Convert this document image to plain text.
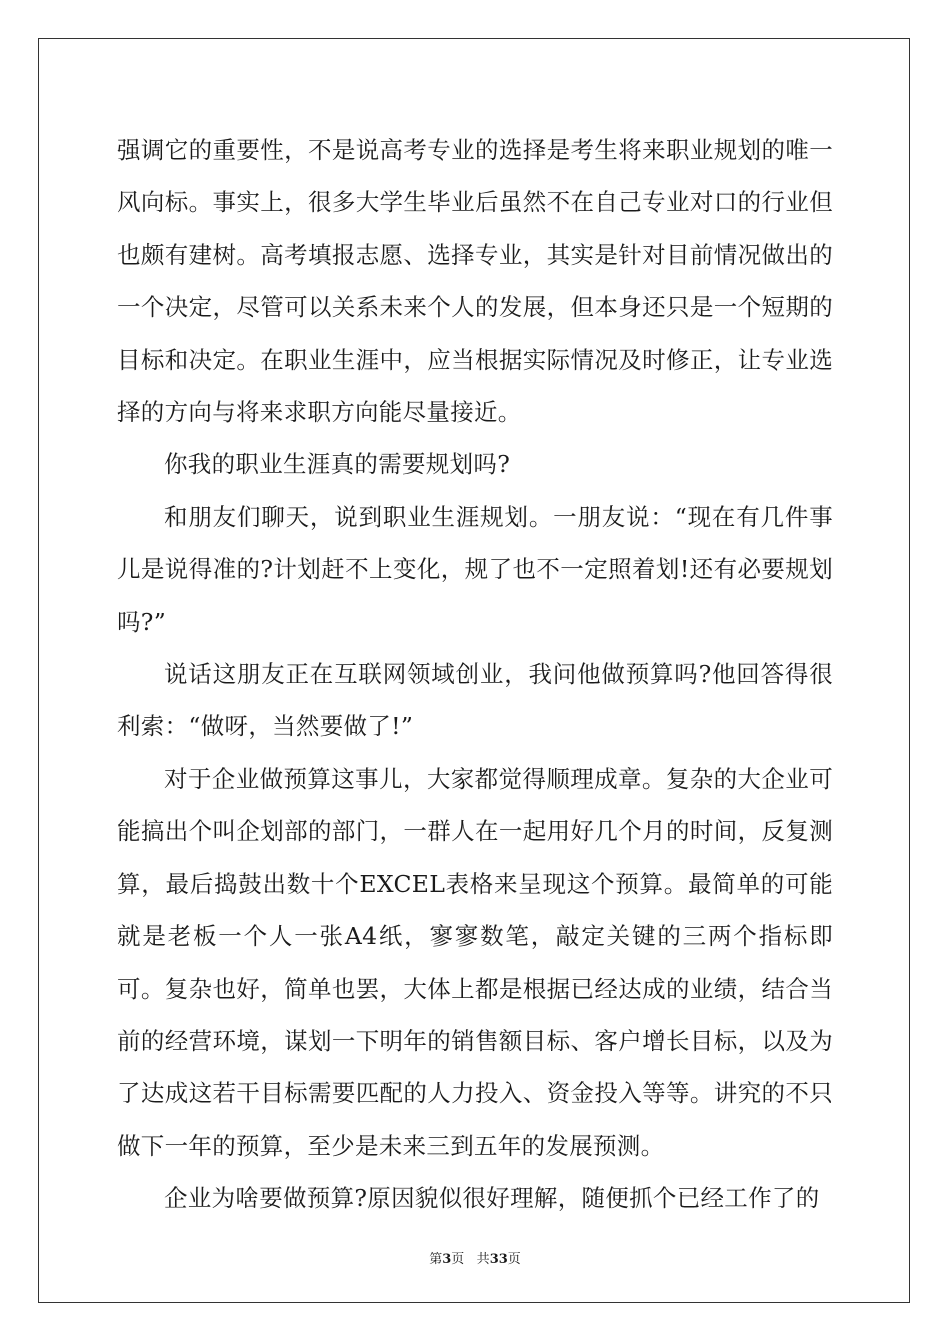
强调它的重要性，不是说高考专业的选择是考生将来职业规划的唯一风向标。事实上，很多大学生毕业后虽然不在自己专业对口的行业但也颇有建树。高考填报志愿、选择专业，其实是针对目前情况做出的一个决定，尽管可以关系未来个人的发展，但本身还只是一个短期的目标和决定。在职业生涯中，应当根据实际情况及时修正，让专业选择的方向与将来求职方向能尽量接近。

你我的职业生涯真的需要规划吗?

和朋友们聊天，说到职业生涯规划。一朋友说：“现在有几件事儿是说得准的?计划赶不上变化，规了也不一定照着划!还有必要规划吗?”

说话这朋友正在互联网领域创业，我问他做预算吗?他回答得很利索：“做呀，当然要做了!”

对于企业做预算这事儿，大家都觉得顺理成章。复杂的大企业可能搞出个叫企划部的部门，一群人在一起用好几个月的时间，反复测算，最后捣鼓出数十个EXCEL表格来呈现这个预算。最简单的可能就是老板一个人一张A4纸，寥寥数笔，敲定关键的三两个指标即可。复杂也好，简单也罢，大体上都是根据已经达成的业绩，结合当前的经营环境，谋划一下明年的销售额目标、客户增长目标，以及为了达成这若干目标需要匹配的人力投入、资金投入等等。讲究的不只做下一年的预算，至少是未来三到五年的发展预测。

企业为啥要做预算?原因貌似很好理解，随便抓个已经工作了的

第3页 共33页
